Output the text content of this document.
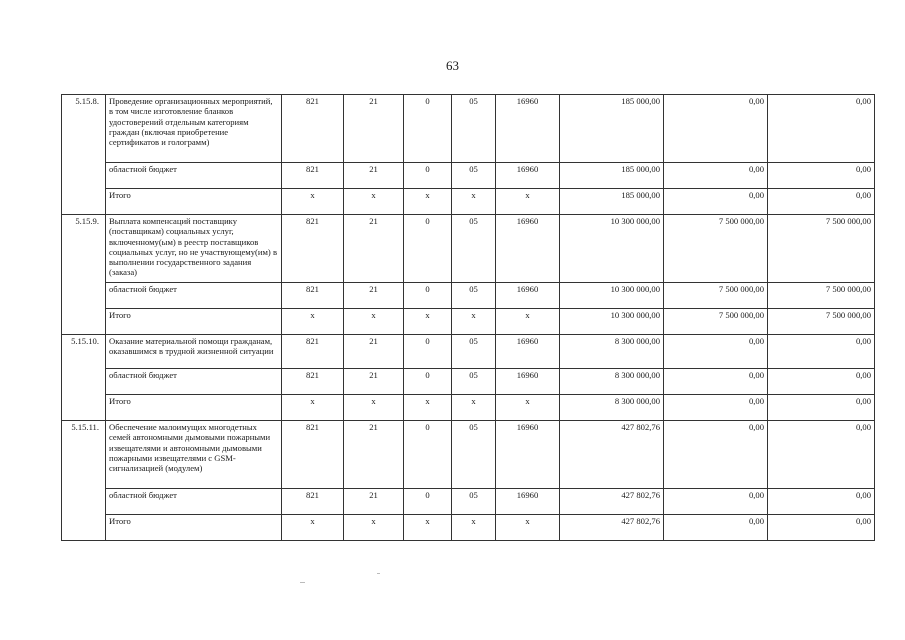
63
5.15.8.	Проведение организационных мероприятий, в том числе изготовление бланков удостоверений отдельным категориям граждан (включая приобретение сертификатов и голограмм)	821	21	0	05	16960	185 000,00	0,00	0,00
	областной бюджет	821	21	0	05	16960	185 000,00	0,00	0,00
	Итого	х	х	х	х	х	185 000,00	0,00	0,00
5.15.9.	Выплата компенсаций поставщику (поставщикам) социальных услуг, включенному(ым) в реестр поставщиков социальных услуг, но не участвующему(им) в выполнении государственного задания (заказа)	821	21	0	05	16960	10 300 000,00	7 500 000,00	7 500 000,00
	областной бюджет	821	21	0	05	16960	10 300 000,00	7 500 000,00	7 500 000,00
	Итого	х	х	х	х	х	10 300 000,00	7 500 000,00	7 500 000,00
5.15.10.	Оказание материальной помощи гражданам, оказавшимся в трудной жизненной ситуации	821	21	0	05	16960	8 300 000,00	0,00	0,00
	областной бюджет	821	21	0	05	16960	8 300 000,00	0,00	0,00
	Итого	х	х	х	х	х	8 300 000,00	0,00	0,00
5.15.11.	Обеспечение малоимущих многодетных семей автономными дымовыми пожарными извещателями и автономными дымовыми пожарными извещателями с GSM-сигнализацией (модулем)	821	21	0	05	16960	427 802,76	0,00	0,00
	областной бюджет	821	21	0	05	16960	427 802,76	0,00	0,00
	Итого	х	х	х	х	х	427 802,76	0,00	0,00
